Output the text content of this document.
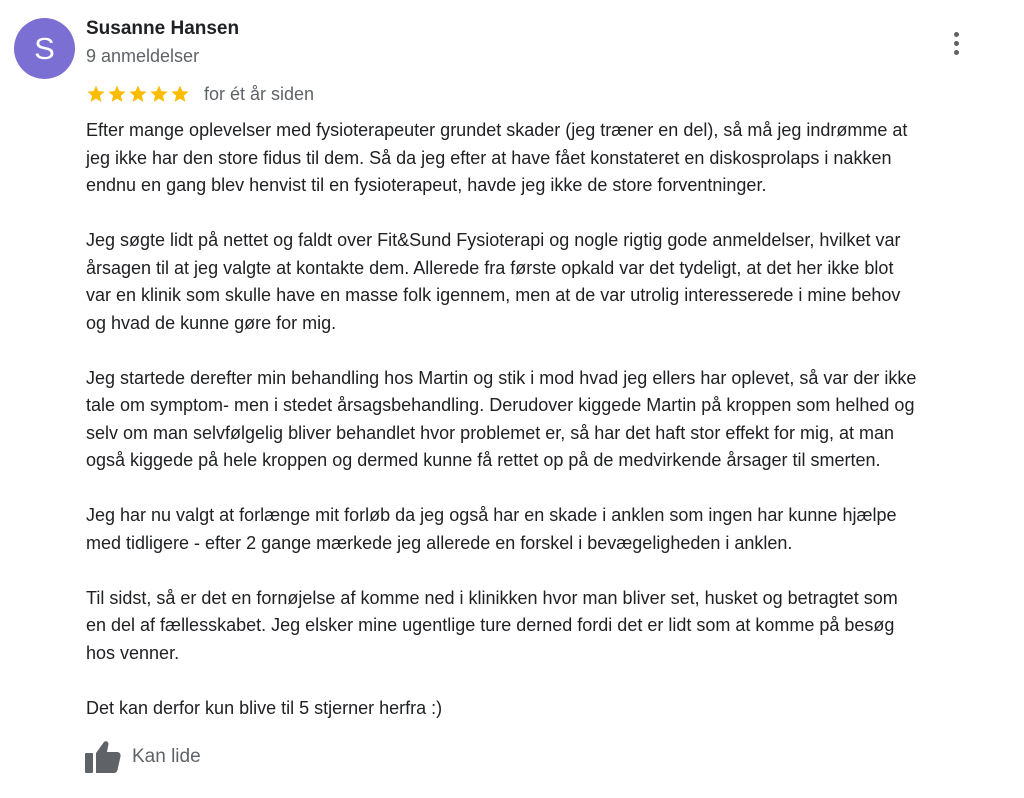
S
Susanne Hansen
9 anmeldelser
for ét år siden

Efter mange oplevelser med fysioterapeuter grundet skader (jeg træner en del), så må jeg indrømme at
jeg ikke har den store fidus til dem. Så da jeg efter at have fået konstateret en diskosprolaps i nakken
endnu en gang blev henvist til en fysioterapeut, havde jeg ikke de store forventninger.

Jeg søgte lidt på nettet og faldt over Fit&Sund Fysioterapi og nogle rigtig gode anmeldelser, hvilket var
årsagen til at jeg valgte at kontakte dem. Allerede fra første opkald var det tydeligt, at det her ikke blot
var en klinik som skulle have en masse folk igennem, men at de var utrolig interesserede i mine behov
og hvad de kunne gøre for mig.

Jeg startede derefter min behandling hos Martin og stik i mod hvad jeg ellers har oplevet, så var der ikke
tale om symptom- men i stedet årsagsbehandling. Derudover kiggede Martin på kroppen som helhed og
selv om man selvfølgelig bliver behandlet hvor problemet er, så har det haft stor effekt for mig, at man
også kiggede på hele kroppen og dermed kunne få rettet op på de medvirkende årsager til smerten.

Jeg har nu valgt at forlænge mit forløb da jeg også har en skade i anklen som ingen har kunne hjælpe
med tidligere - efter 2 gange mærkede jeg allerede en forskel i bevægeligheden i anklen.

Til sidst, så er det en fornøjelse af komme ned i klinikken hvor man bliver set, husket og betragtet som
en del af fællesskabet. Jeg elsker mine ugentlige ture derned fordi det er lidt som at komme på besøg
hos venner.

Det kan derfor kun blive til 5 stjerner herfra :)

Kan lide
